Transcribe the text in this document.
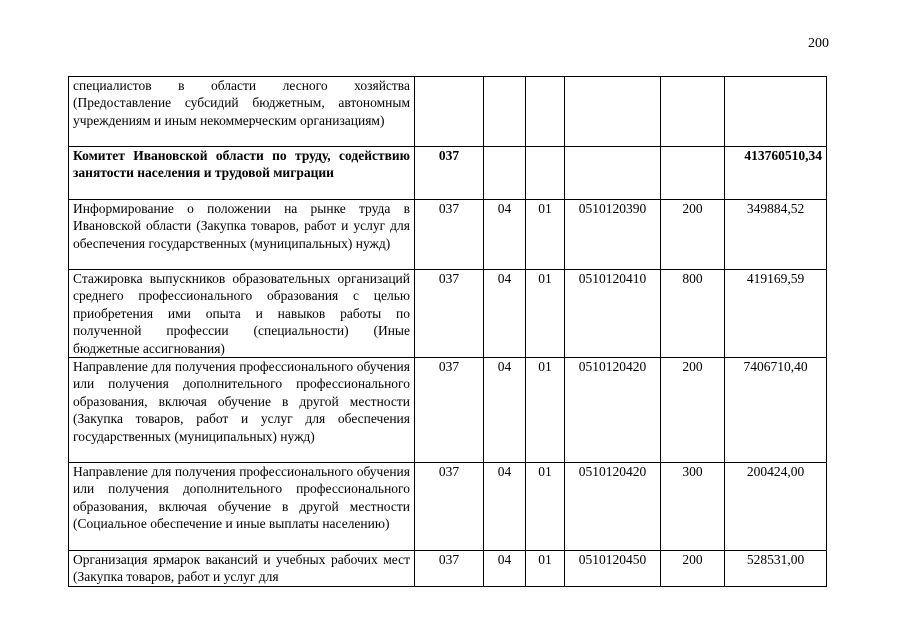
200
специалистов в области лесного хозяйства (Предоставление субсидий бюджетным, автономным учреждениям и иным некоммерческим организациям)						
Комитет Ивановской области по труду, содействию занятости населения и трудовой миграции	037					413760510,34
Информирование о положении на рынке труда в Ивановской области (Закупка товаров, работ и услуг для обеспечения государственных (муниципальных) нужд)	037	04	01	0510120390	200	349884,52
Стажировка выпускников образовательных организаций среднего профессионального образования с целью приобретения ими опыта и навыков работы по полученной профессии (специальности) (Иные бюджетные ассигнования)	037	04	01	0510120410	800	419169,59
Направление для получения профессионального обучения или получения дополнительного профессионального образования, включая обучение в другой местности (Закупка товаров, работ и услуг для обеспечения государственных (муниципальных) нужд)	037	04	01	0510120420	200	7406710,40
Направление для получения профессионального обучения или получения дополнительного профессионального образования, включая обучение в другой местности (Социальное обеспечение и иные выплаты населению)	037	04	01	0510120420	300	200424,00
Организация ярмарок вакансий и учебных рабочих мест (Закупка товаров, работ и услуг для	037	04	01	0510120450	200	528531,00
